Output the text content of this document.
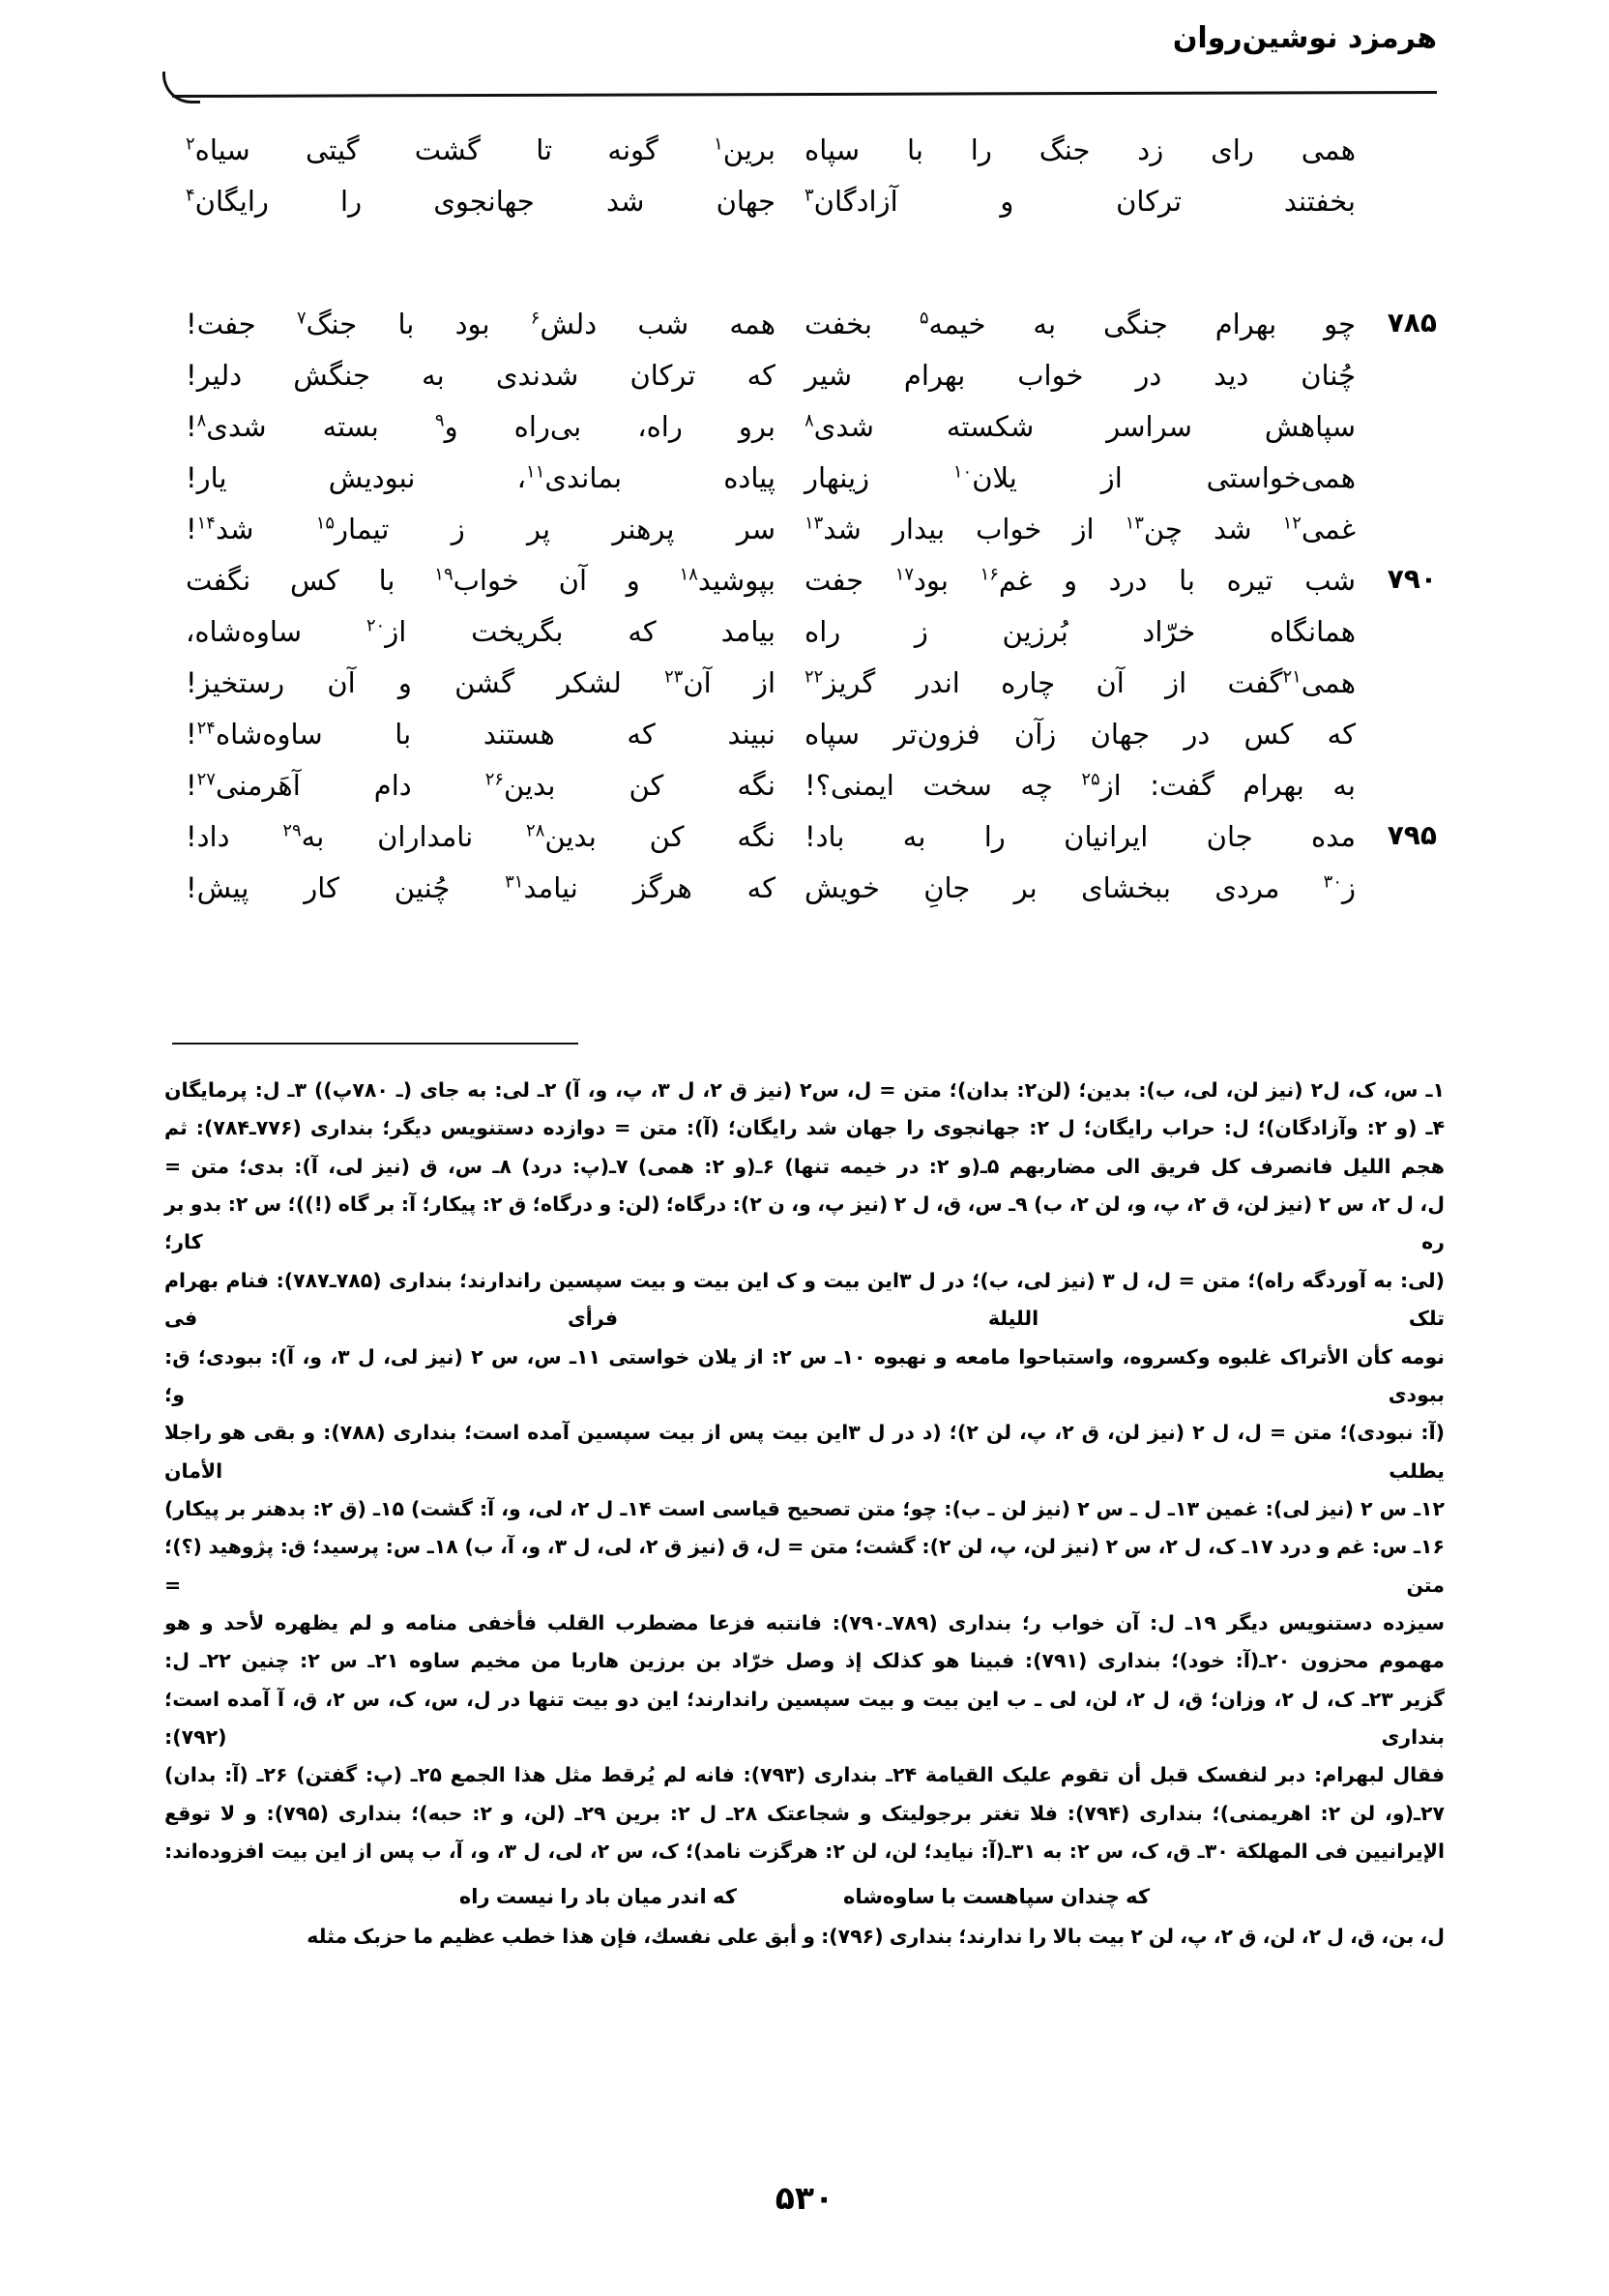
هرمزد نوشین‌روان
همی رای زد جنگ را با سپاه
برین$^۱$ گونه تا گشت گیتی سیاه$^۲$
بخفتند ترکان و آزادگان$^۳$
جهان شد جهانجوی را رایگان$^۴$
۷۸۵
چو بهرام جنگی به خیمه$^۵$ بخفت
همه شب دلش$^۶$ بود با جنگ$^۷$ جفت!
چُنان دید در خواب بهرام شیر
که ترکان شدندی به جنگش دلیر!
سپاهش سراسر شکسته شدی$^۸$
برو راه، بی‌راه و$^۹$ بسته شدی$^۸$!
همی‌خواستی از یلان$^{۱۰}$ زینهار
پیاده بماندی$^{۱۱}$، نبودیش یار!
غمی$^{۱۲}$ شد چن$^{۱۳}$ از خواب بیدار شد$^{۱۳}$
سر پرهنر پر ز تیمار$^{۱۵}$ شد$^{۱۴}$!
۷۹۰
شب تیره با درد و غم$^{۱۶}$ بود$^{۱۷}$ جفت
بپوشید$^{۱۸}$ و آن خواب$^{۱۹}$ با کس نگفت
همانگاه خرّاد بُرزین ز راه
بیامد که بگریخت از$^{۲۰}$ ساوه‌شاه،
همی$^{۲۱}$گفت از آن چاره اندر گریز$^{۲۲}$
از آن$^{۲۳}$ لشکر گشن و آن رستخیز!
که کس در جهان زآن فزون‌تر سپاه
نبیند که هستند با ساوه‌شاه$^{۲۴}$!
به بهرام گفت: از$^{۲۵}$ چه سخت ایمنی؟!
نگه کن بدین$^{۲۶}$ دام آهَرمنی$^{۲۷}$!
۷۹۵
مده جان ایرانیان را به باد!
نگه کن بدین$^{۲۸}$ نامداران به$^{۲۹}$ داد!
ز$^{۳۰}$ مردی ببخشای بر جانِ خویش
که هرگز نیامد$^{۳۱}$ چُنین کار پیش!

۱ـ س، ک، ل۲ (نیز لن، لی، ب): بدین؛ (لن۲: بدان)؛ متن = ل، س۲ (نیز ق ۲، ل ۳، پ، و، آ) ۲ـ لی: به جای (ـ ۷۸۰پ)) ۳ـ ل: پرمایگان

۴ـ (و ۲: وآزادگان)؛ ل: حراب رایگان؛ ل ۲: جهانجوی را جهان شد رایگان؛ (آ): متن = دوازده دستنویس دیگر؛ بنداری (۷۷۶ـ۷۸۴): ثم

هجم اللیل فانصرف کل فریق الی مضاربهم ۵ـ(و ۲: در خیمه تنها) ۶ـ(و ۲: همی) ۷ـ(پ: درد) ۸ـ س، ق (نیز لی، آ): بدی؛ متن =

ل، ل ۲، س ۲ (نیز لن، ق ۲، پ، و، لن ۲، ب) ۹ـ س، ق، ل ۲ (نیز پ، و، ن ۲): درگاه؛ (لن: و درگاه؛ ق ۲: پیکار؛ آ: بر گاه (!))؛ س ۲: بدو بر ره کار؛

(لی: به آوردگه راه)؛ متن = ل، ل ۳ (نیز لی، ب)؛ در ل ۳این بیت و ک این بیت و بیت سپسین راندارند؛ بنداری (۷۸۵ـ۷۸۷): فنام بهرام تلک اللیلة فرأی فی

نومه کأن الأتراک غلبوه وکسروه، واستباحوا مامعه و نهبوه ۱۰ـ س ۲: از یلان خواستی ۱۱ـ س، س ۲ (نیز لی، ل ۳، و، آ): ببودی؛ ق: ببودی و؛

(آ: نبودی)؛ متن = ل، ل ۲ (نیز لن، ق ۲، پ، لن ۲)؛ (د در ل ۳این بیت پس از بیت سپسین آمده است؛ بنداری (۷۸۸): و بقی هو راجلا یطلب الأمان

۱۲ـ س ۲ (نیز لی): غمین ۱۳ـ ل ـ س ۲ (نیز لن ـ ب): چو؛ متن تصحیح قیاسی است ۱۴ـ ل ۲، لی، و، آ: گشت) ۱۵ـ (ق ۲: بدهنر بر پیکار)

۱۶ـ س: غم و درد ۱۷ـ ک، ل ۲، س ۲ (نیز لن، پ، لن ۲): گشت؛ متن = ل، ق (نیز ق ۲، لی، ل ۳، و، آ، ب) ۱۸ـ س: پرسید؛ ق: پژوهید (؟)؛ متن =

سیزده دستنویس دیگر ۱۹ـ ل: آن خواب ر؛ بنداری (۷۸۹ـ۷۹۰): فانتبه فزعا مضطرب القلب فأخفی منامه و لم یظهره لأحد و هو

مهموم محزون ۲۰ـ(آ: خود)؛ بنداری (۷۹۱): فبینا هو کذلک إذ وصل خرّاد بن برزین هاربا من مخیم ساوه ۲۱ـ س ۲: چنین ۲۲ـ ل:

گزیر ۲۳ـ ک، ل ۲، وزان؛ ق، ل ۲، لن، لی ـ ب این بیت و بیت سپسین راندارند؛ این دو بیت تنها در ل، س، ک، س ۲، ق، آ آمده است؛ بنداری (۷۹۲):

فقال لبهرام: دبر لنفسک قبل أن تقوم علیک القیامة ۲۴ـ بنداری (۷۹۳): فانه لم یُرقط مثل هذا الجمع ۲۵ـ (پ: گفتن) ۲۶ـ (آ: بدان)

۲۷ـ(و، لن ۲: اهریمنی)؛ بنداری (۷۹۴): فلا تغتر برجولیتک و شجاعتک ۲۸ـ ل ۲: برین ۲۹ـ (لن، و ۲: حبه)؛ بنداری (۷۹۵): و لا توقع

الإیرانیین فی المهلکة ۳۰ـ ق، ک، س ۲: به ۳۱ـ(آ: نیاید؛ لن، لن ۲: هرگزت نامد)؛ ک، س ۲، لی، ل ۳، و، آ، ب پس از این بیت افزوده‌اند:

که چندان سپاهست با ساوه‌شاه
که اندر میان باد را نیست راه

ل، بن، ق، ل ۲، لن، ق ۲، پ، لن ۲ بیت بالا را ندارند؛ بنداری (۷۹۶): و أبق على نفسك، فإن هذا خطب عظیم ما حزبک مثله

۵۳۰
